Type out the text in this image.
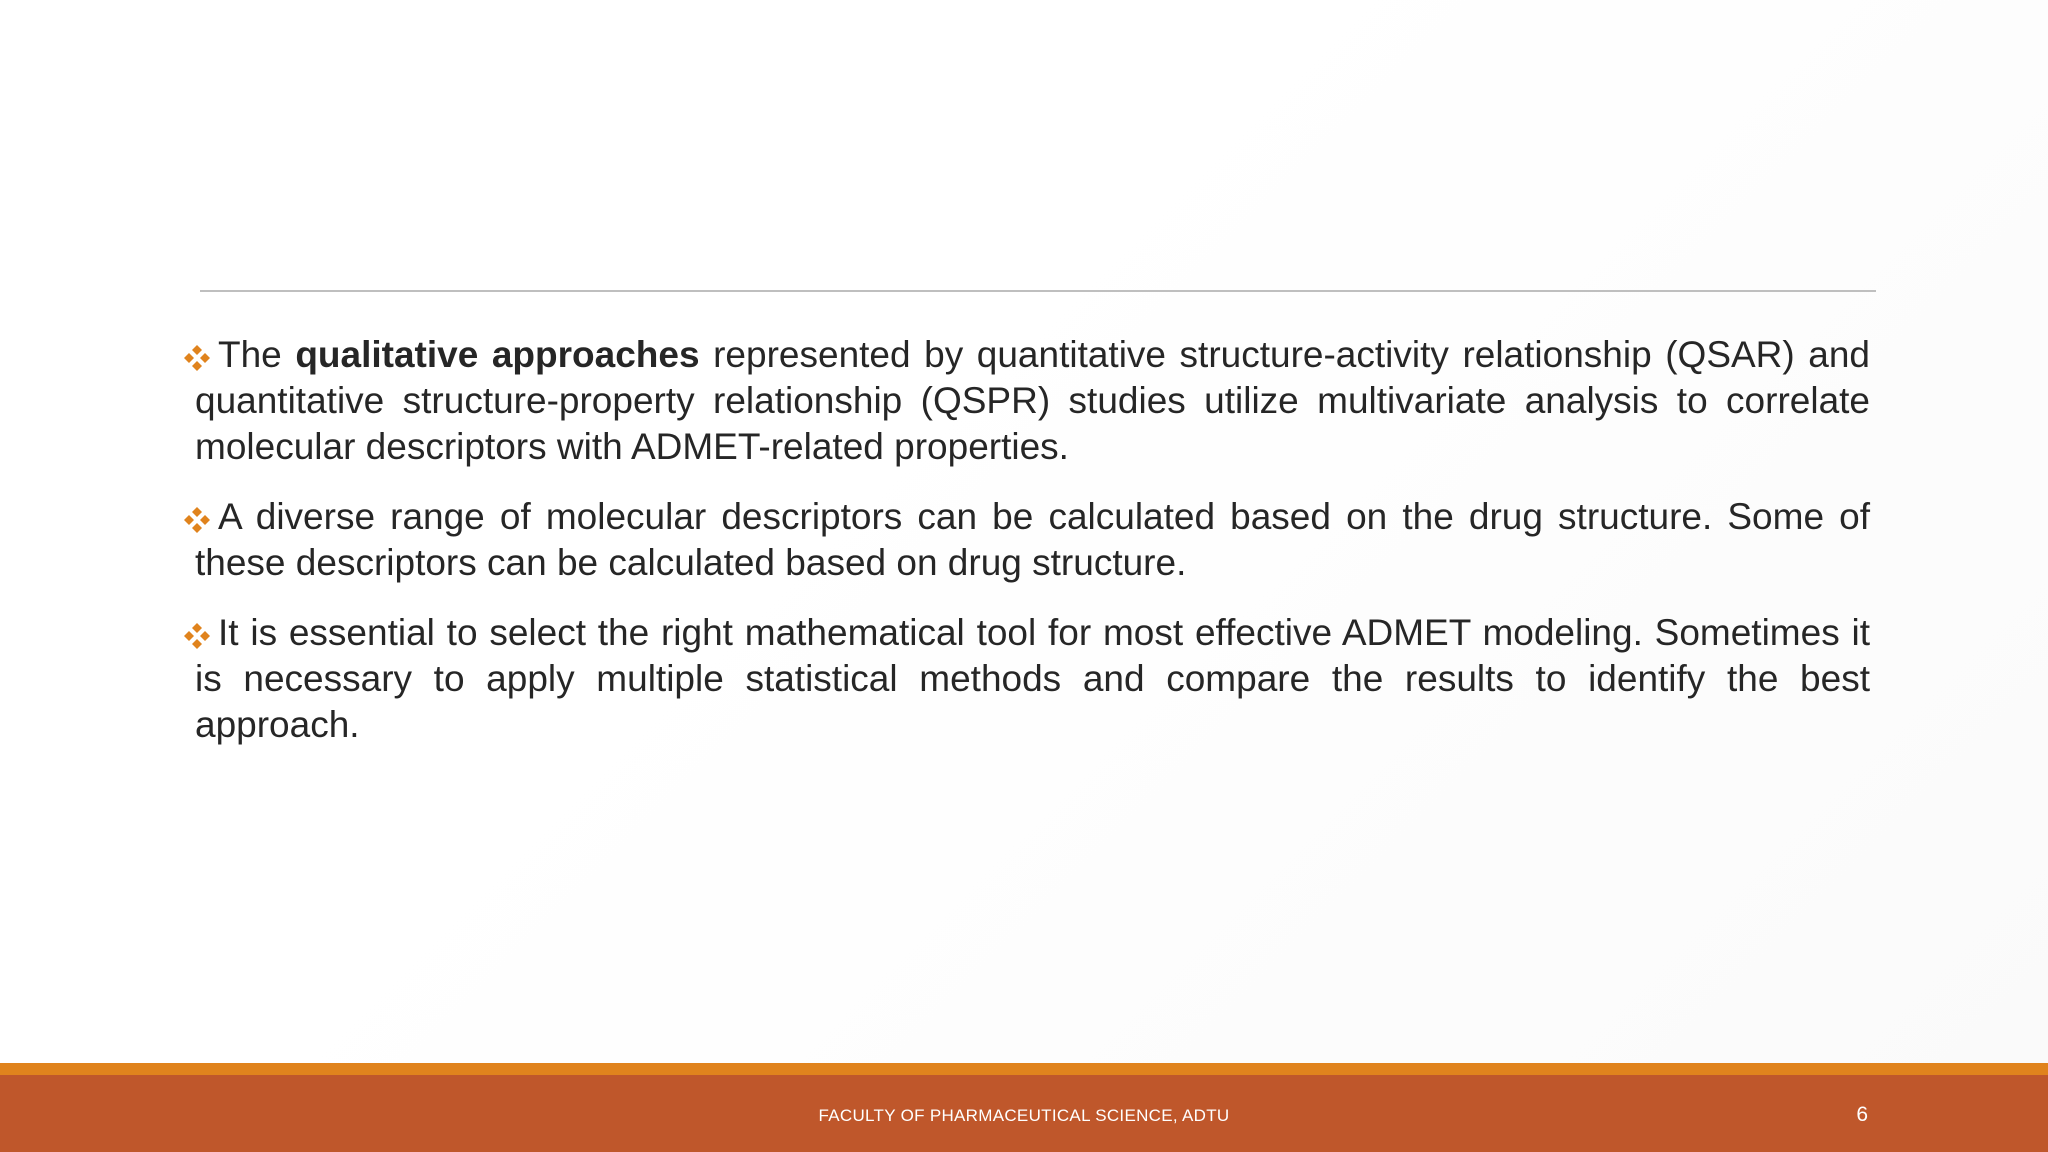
The qualitative approaches represented by quantitative structure-activity relationship (QSAR) and quantitative structure-property relationship (QSPR) studies utilize multivariate analysis to correlate molecular descriptors with ADMET-related properties.
A diverse range of molecular descriptors can be calculated based on the drug structure. Some of these descriptors can be calculated based on drug structure.
It is essential to select the right mathematical tool for most effective ADMET modeling. Sometimes it is necessary to apply multiple statistical methods and compare the results to identify the best approach.
FACULTY OF PHARMACEUTICAL SCIENCE, ADTU	6
